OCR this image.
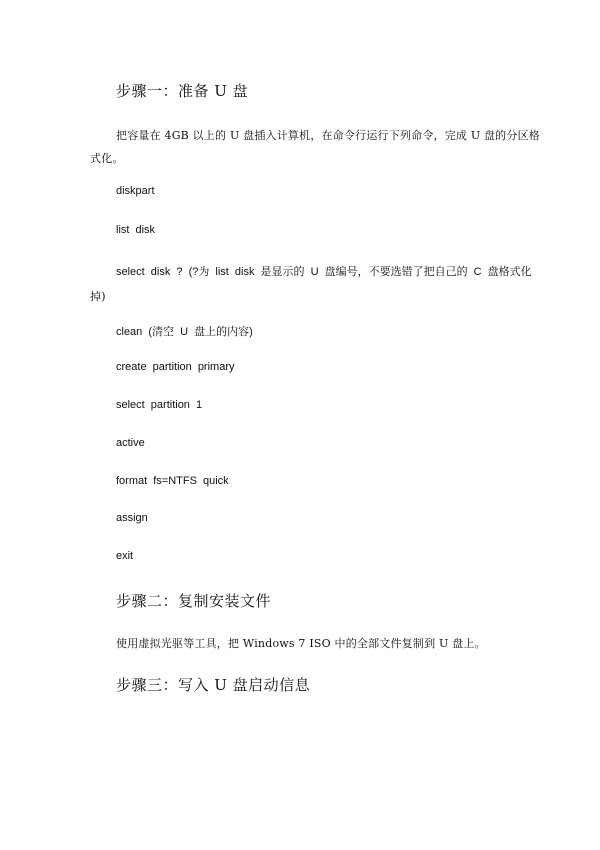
步骤一：准备 U 盘
把容量在 4GB 以上的 U 盘插入计算机，在命令行运行下列命令，完成 U 盘的分区格
式化。
diskpart
list disk
select disk ? (?为 list disk 是显示的 U 盘编号，不要选错了把自己的 C 盘格式化
掉)
clean (清空 U 盘上的内容)
create partition primary
select partition 1
active
format fs=NTFS quick
assign
exit
步骤二：复制安装文件
使用虚拟光驱等工具，把 Windows 7 ISO 中的全部文件复制到 U 盘上。
步骤三：写入 U 盘启动信息
